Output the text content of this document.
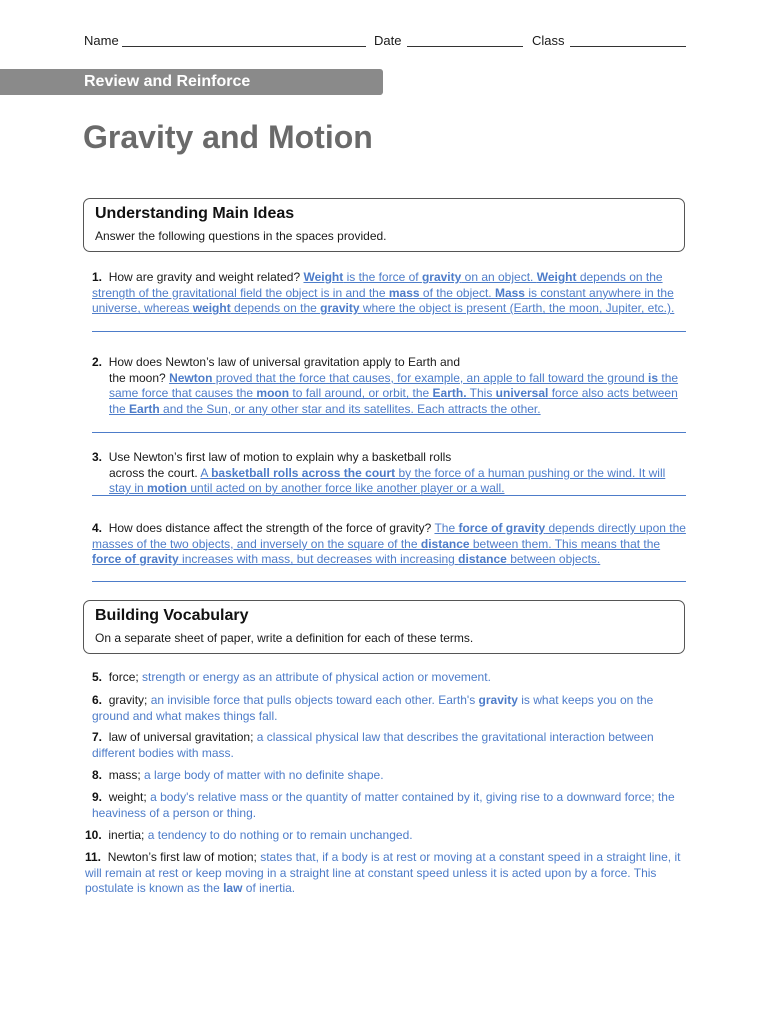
Name	Date	Class
Review and Reinforce
Gravity and Motion
Understanding Main Ideas
Answer the following questions in the spaces provided.
1. How are gravity and weight related? Weight is the force of gravity on an object. Weight depends on the strength of the gravitational field the object is in and the mass of the object. Mass is constant anywhere in the universe, whereas weight depends on the gravity where the object is present (Earth, the moon, Jupiter, etc.).
2. How does Newton’s law of universal gravitation apply to Earth and
the moon? Newton proved that the force that causes, for example, an apple to fall toward the ground is the same force that causes the moon to fall around, or orbit, the Earth. This universal force also acts between the Earth and the Sun, or any other star and its satellites. Each attracts the other.
3. Use Newton’s first law of motion to explain why a basketball rolls
across the court. A basketball rolls across the court by the force of a human pushing or the wind. It will stay in motion until acted on by another force like another player or a wall.
4. How does distance affect the strength of the force of gravity? The force of gravity depends directly upon the masses of the two objects, and inversely on the square of the distance between them. This means that the force of gravity increases with mass, but decreases with increasing distance between objects.
Building Vocabulary
On a separate sheet of paper, write a definition for each of these terms.
5. force; strength or energy as an attribute of physical action or movement.
6. gravity; an invisible force that pulls objects toward each other. Earth's gravity is what keeps you on the ground and what makes things fall.
7. law of universal gravitation; a classical physical law that describes the gravitational interaction between different bodies with mass.
8. mass; a large body of matter with no definite shape.
9. weight; a body's relative mass or the quantity of matter contained by it, giving rise to a downward force; the heaviness of a person or thing.
10. inertia; a tendency to do nothing or to remain unchanged.
11. Newton’s first law of motion; states that, if a body is at rest or moving at a constant speed in a straight line, it will remain at rest or keep moving in a straight line at constant speed unless it is acted upon by a force. This postulate is known as the law of inertia.
